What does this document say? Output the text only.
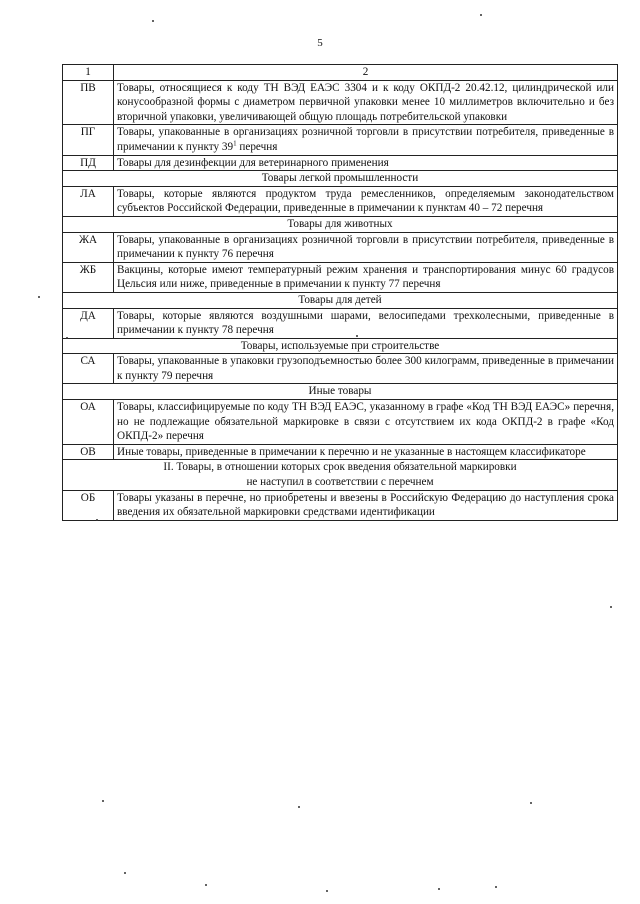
5
1	2
ПВ	Товары, относящиеся к коду ТН ВЭД ЕАЭС 3304 и к коду ОКПД-2 20.42.12, цилиндрической или конусообразной формы с диаметром первичной упаковки менее 10 миллиметров включительно и без вторичной упаковки, увеличивающей общую площадь потребительской упаковки
ПГ	Товары, упакованные в организациях розничной торговли в присутствии потребителя, приведенные в примечании к пункту $39^1$ перечня
ПД	Товары для дезинфекции для ветеринарного применения
Товары легкой промышленности	
ЛА	Товары, которые являются продуктом труда ремесленников, определяемым законодательством субъектов Российской Федерации, приведенные в примечании к пунктам 40 – 72 перечня
Товары для животных	
ЖА	Товары, упакованные в организациях розничной торговли в присутствии потребителя, приведенные в примечании к пункту 76 перечня
ЖБ	Вакцины, которые имеют температурный режим хранения и транспортирования минус 60 градусов Цельсия или ниже, приведенные в примечании к пункту 77 перечня
Товары для детей	
ДА	Товары, которые являются воздушными шарами, велосипедами трехколесными, приведенные в примечании к пункту 78 перечня
Товары, используемые при строительстве	
СА	Товары, упакованные в упаковки грузоподъемностью более 300 килограмм, приведенные в примечании к пункту 79 перечня
Иные товары	
ОА	Товары, классифицируемые по коду ТН ВЭД ЕАЭС, указанному в графе «Код ТН ВЭД ЕАЭС» перечня, но не подлежащие обязательной маркировке в связи с отсутствием их кода ОКПД-2 в графе «Код ОКПД-2» перечня
ОВ	Иные товары, приведенные в примечании к перечню и не указанные в настоящем классификаторе

II. Товары, в отношении которых срок введения обязательной маркировки
не наступил в соответствии с перечнем	

ОБ	Товары указаны в перечне, но приобретены и ввезены в Российскую Федерацию до наступления срока введения их обязательной маркировки средствами идентификации
